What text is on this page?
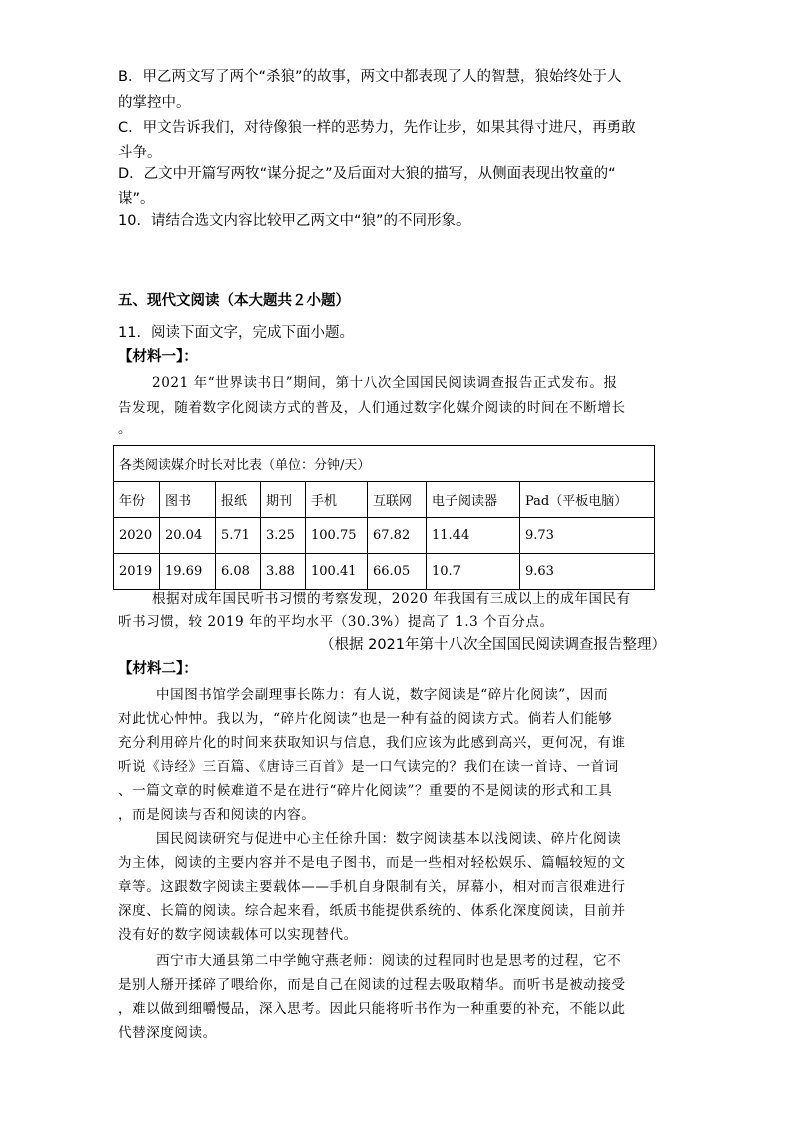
B．甲乙两文写了两个“杀狼”的故事，两文中都表现了人的智慧，狼始终处于人
的掌控中。
C．甲文告诉我们，对待像狼一样的恶势力，先作让步，如果其得寸进尺，再勇敢
斗争。
D．乙文中开篇写两牧“谋分捉之”及后面对大狼的描写，从侧面表现出牧童的“
谋”。
10．请结合选文内容比较甲乙两文中“狼”的不同形象。
五、现代文阅读（本大题共２小题）
11．阅读下面文字，完成下面小题。
【材料一】：
2021 年“世界读书日”期间，第十八次全国国民阅读调查报告正式发布。报
告发现，随着数字化阅读方式的普及，人们通过数字化媒介阅读的时间在不断增长
。
各类阅读媒介时长对比表（单位：分钟/天）							
年份	图书	报纸	期刊	手机	互联网	电子阅读器	Pad（平板电脑）
2020	20.04	5.71	3.25	100.75	67.82	11.44	9.73
2019	19.69	6.08	3.88	100.41	66.05	10.7	9.63
根据对成年国民听书习惯的考察发现，2020 年我国有三成以上的成年国民有
听书习惯，较 2019 年的平均水平（30.3%）提高了 1.3 个百分点。
（根据 2021年第十八次全国国民阅读调查报告整理）
【材料二】：
中国图书馆学会副理事长陈力：有人说，数字阅读是“碎片化阅读”，因而
对此忧心忡忡。我以为，“碎片化阅读”也是一种有益的阅读方式。倘若人们能够
充分利用碎片化的时间来获取知识与信息，我们应该为此感到高兴，更何况，有谁
听说《诗经》三百篇、《唐诗三百首》是一口气读完的？我们在读一首诗、一首词
、一篇文章的时候难道不是在进行“碎片化阅读”？重要的不是阅读的形式和工具
，而是阅读与否和阅读的内容。
国民阅读研究与促进中心主任徐升国：数字阅读基本以浅阅读、碎片化阅读
为主体，阅读的主要内容并不是电子图书，而是一些相对轻松娱乐、篇幅较短的文
章等。这跟数字阅读主要载体——手机自身限制有关，屏幕小，相对而言很难进行
深度、长篇的阅读。综合起来看，纸质书能提供系统的、体系化深度阅读，目前并
没有好的数字阅读载体可以实现替代。
西宁市大通县第二中学鲍守燕老师：阅读的过程同时也是思考的过程，它不
是别人掰开揉碎了喂给你，而是自己在阅读的过程去吸取精华。而听书是被动接受
，难以做到细嚼慢品，深入思考。因此只能将听书作为一种重要的补充，不能以此
代替深度阅读。
